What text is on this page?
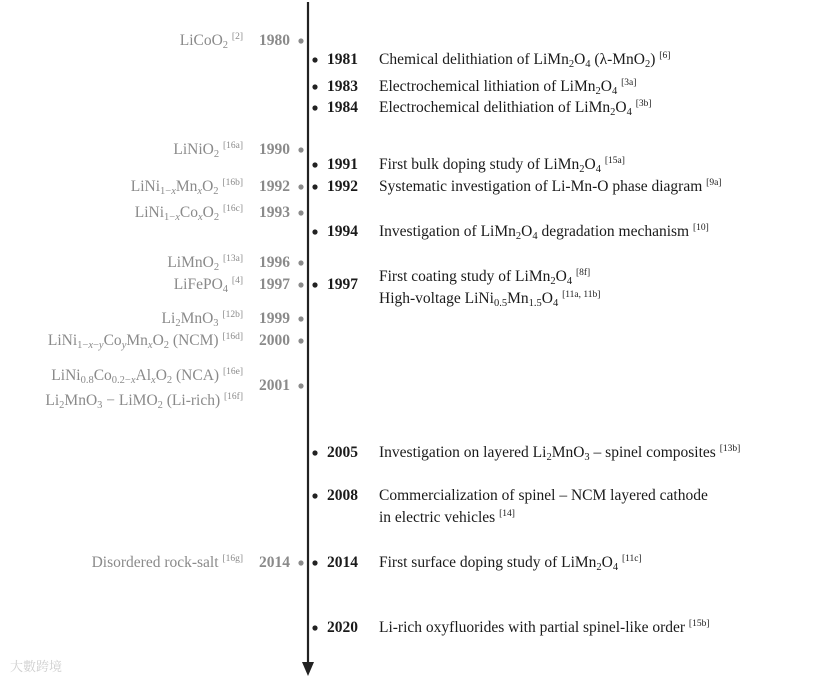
1980
LiCoO$_2$ [2]
1990
LiNiO$_2$ [16a]
1992
$LiNi_{1-x}Mn_xO_2$ [16b]
1993
$LiNi_{1-x}Co_xO_2$ [16c]
1996
LiMnO$_2$ [13a]
1997
LiFePO$_4$ [4]
1999
$Li_2MnO_3$ [12b]
2000
$LiNi_{1-x-y}Co_yMn_xO_2$ (NCM) [16d]
2001
$LiNi_{0.8}Co_{0.2-x}Al_xO_2$ (NCA) [16e]
$Li_2MnO_3$ − LiMO$_2$ (Li-rich) [16f]
2014
Disordered rock-salt [16g]
1981 Chemical delithiation of $LiMn_2O_4$ (λ-MnO$_2$) [6]
1983 Electrochemical lithiation of $LiMn_2O_4$ [3a]
1984 Electrochemical delithiation of $LiMn_2O_4$ [3b]
1991 First bulk doping study of $LiMn_2O_4$ [15a]
1992 Systematic investigation of Li-Mn-O phase diagram [9a]
1994 Investigation of $LiMn_2O_4$ degradation mechanism [10]
1997 First coating study of $LiMn_2O_4$ [8f]
High-voltage $LiNi_{0.5}Mn_{1.5}O_4$ [11a, 11b]
2005 Investigation on layered $Li_2MnO_3$ – spinel composites [13b]
2008 Commercialization of spinel – NCM layered cathode
in electric vehicles [14]
2014 First surface doping study of $LiMn_2O_4$ [11c]
2020 Li-rich oxyfluorides with partial spinel-like order [15b]
大數跨境
